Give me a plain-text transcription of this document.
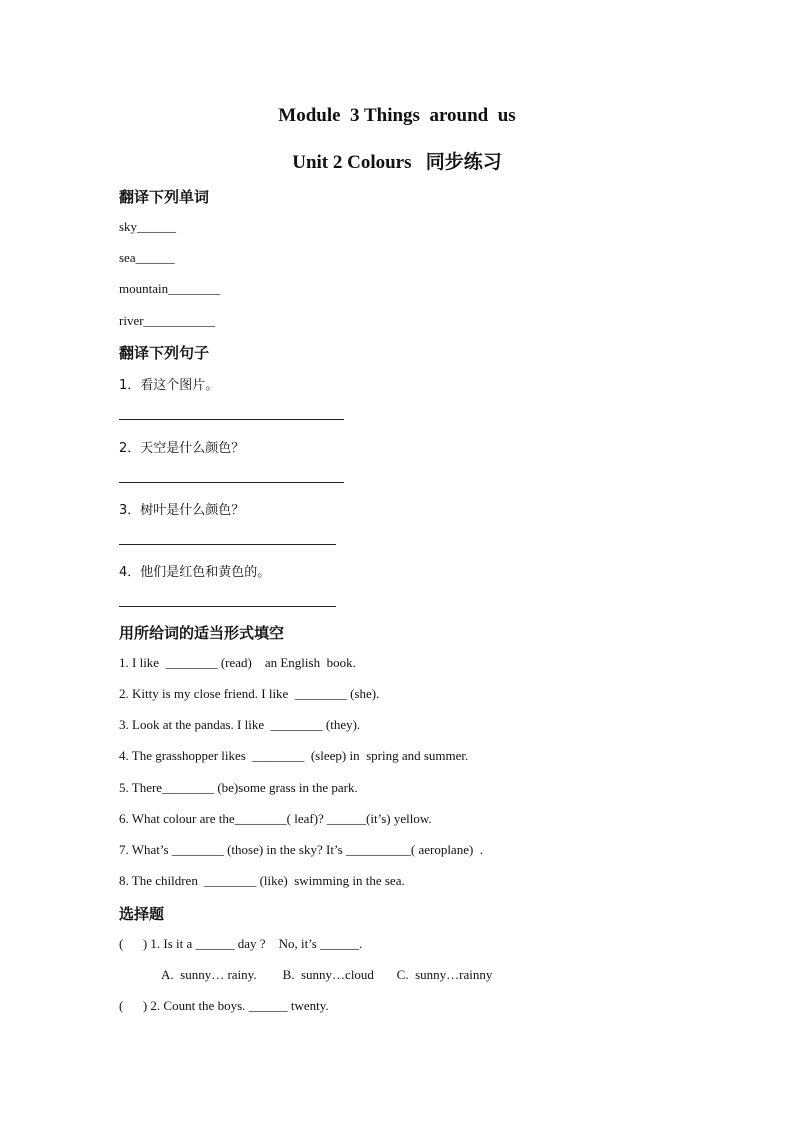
Module  3 Things  around  us
Unit 2 Colours   同步练习
翻译下列单词
sky______
sea______
mountain________
river___________
翻译下列句子
1．看这个图片。
2．天空是什么颜色？
3．树叶是什么颜色？
4．他们是红色和黄色的。
用所给词的适当形式填空
1. I like  ________ (read)    an English  book.
2. Kitty is my close friend. I like  ________ (she).
3. Look at the pandas. I like  ________ (they).
4. The grasshopper likes  ________  (sleep) in  spring and summer.
5. There________ (be)some grass in the park.
6. What colour are the________( leaf)? ______(it’s) yellow.
7. What’s ________ (those) in the sky? It’s __________( aeroplane)  .
8. The children  ________ (like)  swimming in the sea.
选择题
(      ) 1. Is it a ______ day ?    No, it’s ______.
A.  sunny… rainy.        B.  sunny…cloud       C.  sunny…rainny
(      ) 2. Count the boys. ______ twenty.
